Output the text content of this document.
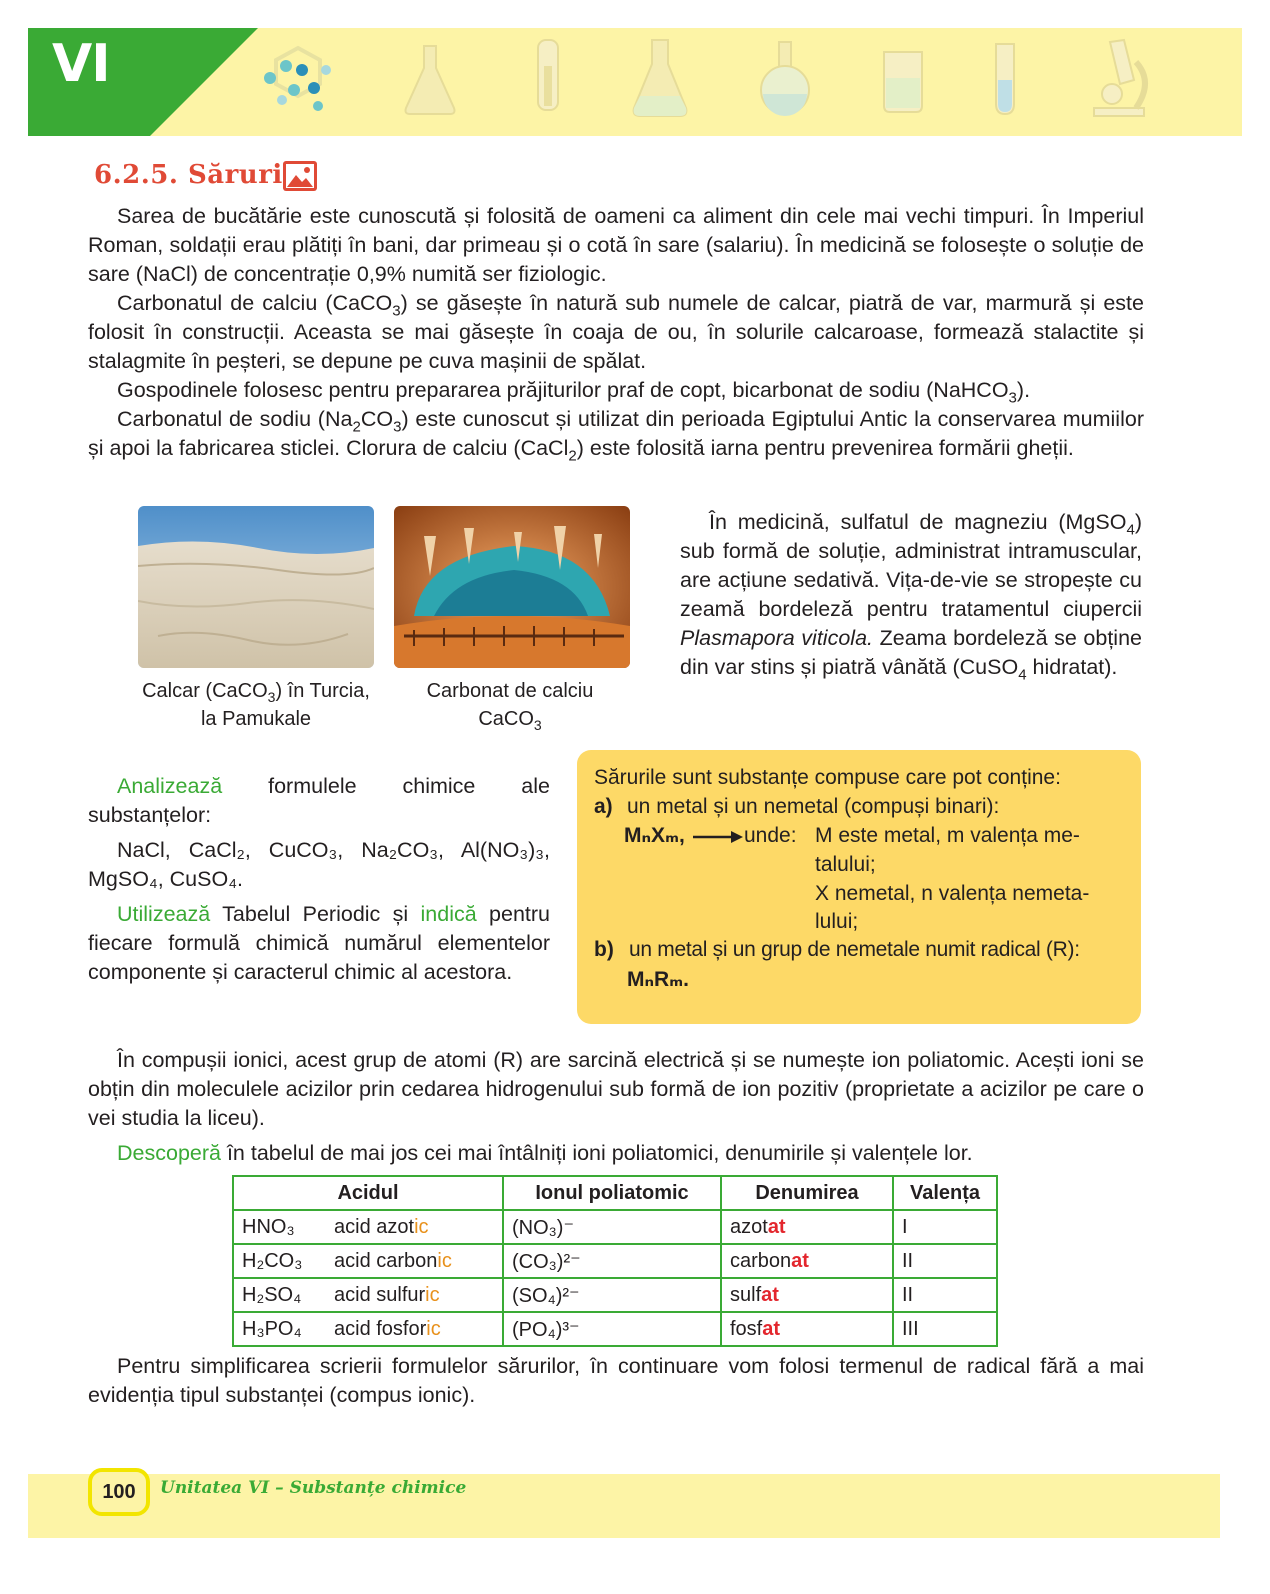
VI
6.2.5. Săruri

Sarea de bucătărie este cunoscută și folosită de oameni ca aliment din cele mai vechi timpuri. În Imperiul Roman, soldații erau plătiți în bani, dar primeau și o cotă în sare (salariu). În medicină se folosește o soluție de sare (NaCl) de concentrație 0,9% numită ser fiziologic.

Carbonatul de calciu (CaCO$_3$) se găsește în natură sub numele de calcar, piatră de var, marmură și este folosit în construcții. Aceasta se mai găsește în coaja de ou, în solurile calcaroase, formează stalactite și stalagmite în peșteri, se depune pe cuva mașinii de spălat.

Gospodinele folosesc pentru prepararea prăjiturilor praf de copt, bicarbonat de sodiu (NaHCO$_3$).

Carbonatul de sodiu $(Na_2CO_3)$ este cunoscut și utilizat din perioada Egiptului Antic la conservarea mumiilor și apoi la fabricarea sticlei. Clorura de calciu (CaCl$_2$) este folosită iarna pentru prevenirea formării gheții.

Calcar (CaCO$_3$) în Turcia,
la Pamukale
Carbonat de calciu
CaCO$_3$

În medicină, sulfatul de magneziu (MgSO$_4$) sub formă de soluție, administrat intramuscular, are acțiune sedativă. Vița-de-vie se stropește cu zeamă bordeleză pentru tratamentul ciupercii Plasmapora viticola. Zeama bordeleză se obține din var stins și piatră vânătă (CuSO$_4$ hidratat).

Analizează formulele chimice ale substanțelor:

NaCl, CaCl₂, CuCO₃, Na₂CO₃, Al(NO₃)₃, MgSO₄, CuSO₄.

Utilizează Tabelul Periodic și indică pentru fiecare formulă chimică numărul elementelor componente și caracterul chimic al acestora.

Sărurile sunt substanțe compuse care pot conține:
a) un metal și un nemetal (compuși binari):
MₙXₘ,	unde: M este metal, m valența me-
talului;
X nemetal, n valența nemeta-
lului;
b) un metal și un grup de nemetale numit radical (R):
MₙRₘ.

În compușii ionici, acest grup de atomi (R) are sarcină electrică și se numește ion poliatomic. Acești ioni se obțin din moleculele acizilor prin cedarea hidrogenului sub formă de ion pozitiv (proprietate a acizilor pe care o vei studia la liceu).

Descoperă în tabelul de mai jos cei mai întâlniți ioni poliatomici, denumirile și valențele lor.

Acidul	Ionul poliatomic	Denumirea	Valența

HNO₃ acid azot ic	(NO₃)⁻	azotat	I

H₂CO₃ acid carbon ic	(CO₃)²⁻	carbonat	II

H₂SO₄ acid sulfur ic	(SO₄)²⁻	sulfat	II

H₃PO₄ acid fosfor ic	(PO₄)³⁻	fosfat	III

Pentru simplificarea scrierii formulelor sărurilor, în continuare vom folosi termenul de radical fără a mai evidenția tipul substanței (compus ionic).

100	Unitatea VI – Substanțe chimice
